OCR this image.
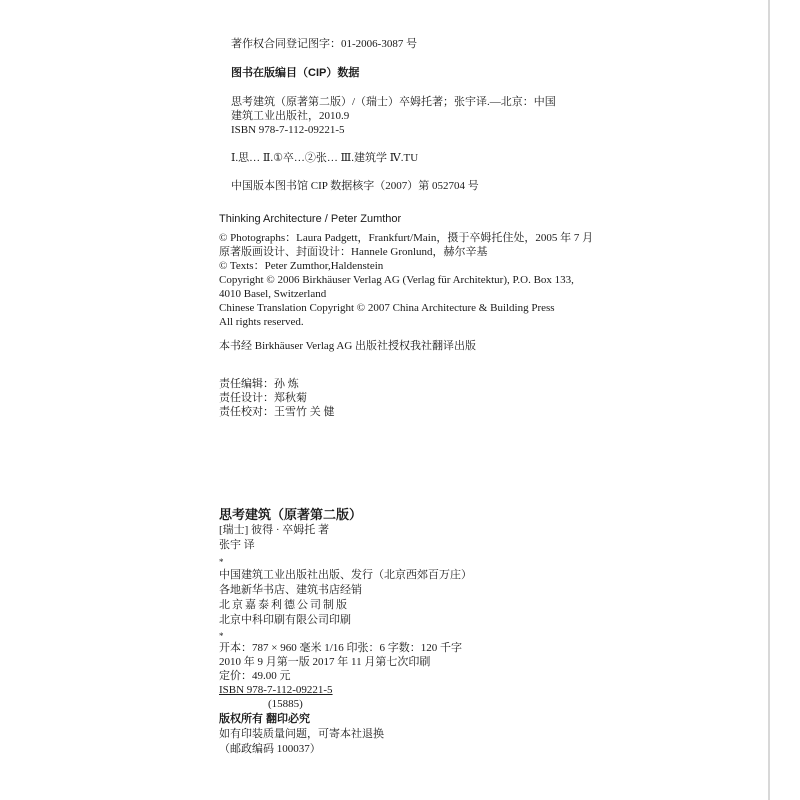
著作权合同登记图字：01-2006-3087 号
图书在版编目（CIP）数据
思考建筑（原著第二版）/（瑞士）卒姆托著；张宇译.—北京：中国
建筑工业出版社，2010.9
ISBN 978-7-112-09221-5
Ⅰ.思… Ⅱ.①卒…②张… Ⅲ.建筑学 Ⅳ.TU
中国版本图书馆 CIP 数据核字（2007）第 052704 号
Thinking Architecture / Peter Zumthor
© Photographs：Laura Padgett，Frankfurt/Main，摄于卒姆托住处，2005 年 7 月
原著版画设计、封面设计：Hannele Gronlund，赫尔辛基
© Texts：Peter Zumthor,Haldenstein
Copyright © 2006 Birkhäuser Verlag AG (Verlag für Architektur), P.O. Box 133,
4010 Basel, Switzerland
Chinese Translation Copyright © 2007 China Architecture & Building Press
All rights reserved.
本书经 Birkhäuser Verlag AG 出版社授权我社翻译出版
责任编辑：孙 炼
责任设计：郑秋菊
责任校对：王雪竹 关 健
思考建筑（原著第二版）
[瑞士] 彼得 · 卒姆托 著
张宇 译
*
中国建筑工业出版社出版、发行（北京西郊百万庄）
各地新华书店、建筑书店经销
北京嘉泰利德公司制版
北京中科印刷有限公司印刷
*
开本：787 × 960 毫米 1/16 印张：6 字数：120 千字
2010 年 9 月第一版 2017 年 11 月第七次印刷
定价：49.00 元
ISBN 978-7-112-09221-5
(15885)
版权所有 翻印必究
如有印装质量问题，可寄本社退换
（邮政编码 100037）
